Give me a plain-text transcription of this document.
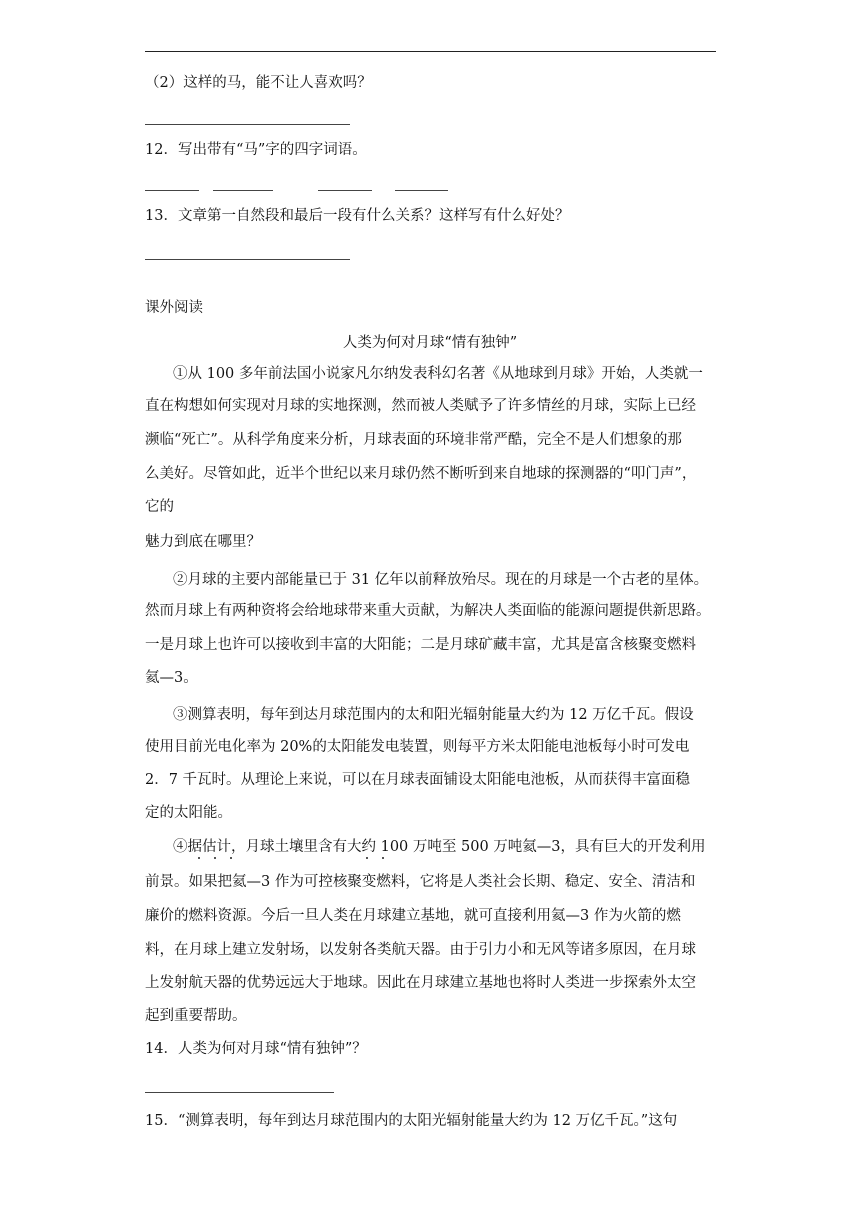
（2）这样的马，能不让人喜欢吗？
12．写出带有“马”字的四字词语。
13．文章第一自然段和最后一段有什么关系？这样写有什么好处？
课外阅读
人类为何对月球“情有独钟”
①从 100 多年前法国小说家凡尔纳发表科幻名著《从地球到月球》开始，人类就一
直在构想如何实现对月球的实地探测，然而被人类赋予了许多情丝的月球，实际上已经
濒临“死亡”。从科学角度来分析，月球表面的环境非常严酷，完全不是人们想象的那
么美好。尽管如此，近半个世纪以来月球仍然不断听到来自地球的探测器的“叩门声”，
它的
魅力到底在哪里？
②月球的主要内部能量已于 31 亿年以前释放殆尽。现在的月球是一个古老的星体。
然而月球上有两种资将会给地球带来重大贡献，为解决人类面临的能源问题提供新思路。
一是月球上也许可以接收到丰富的大阳能；二是月球矿藏丰富，尤其是富含核聚变燃料
氦—3。
③测算表明，每年到达月球范围内的太和阳光辐射能量大约为 12 万亿千瓦。假设
使用目前光电化率为 20%的太阳能发电装置，则每平方米太阳能电池板每小时可发电
2．7 千瓦时。从理论上来说，可以在月球表面铺设太阳能电池板，从而获得丰富面稳
定的太阳能。
④据估计，月球土壤里含有大约 100 万吨至 500 万吨氦—3，具有巨大的开发利用
前景。如果把氦—3 作为可控核聚变燃料，它将是人类社会长期、稳定、安全、清洁和
廉价的燃料资源。今后一旦人类在月球建立基地，就可直接利用氦—3 作为火箭的燃
料，在月球上建立发射场，以发射各类航天器。由于引力小和无风等诸多原因，在月球
上发射航天器的优势远远大于地球。因此在月球建立基地也将时人类进一步探索外太空
起到重要帮助。
14．人类为何对月球“情有独钟”？
15．“测算表明，每年到达月球范围内的太阳光辐射能量大约为 12 万亿千瓦。”这句
